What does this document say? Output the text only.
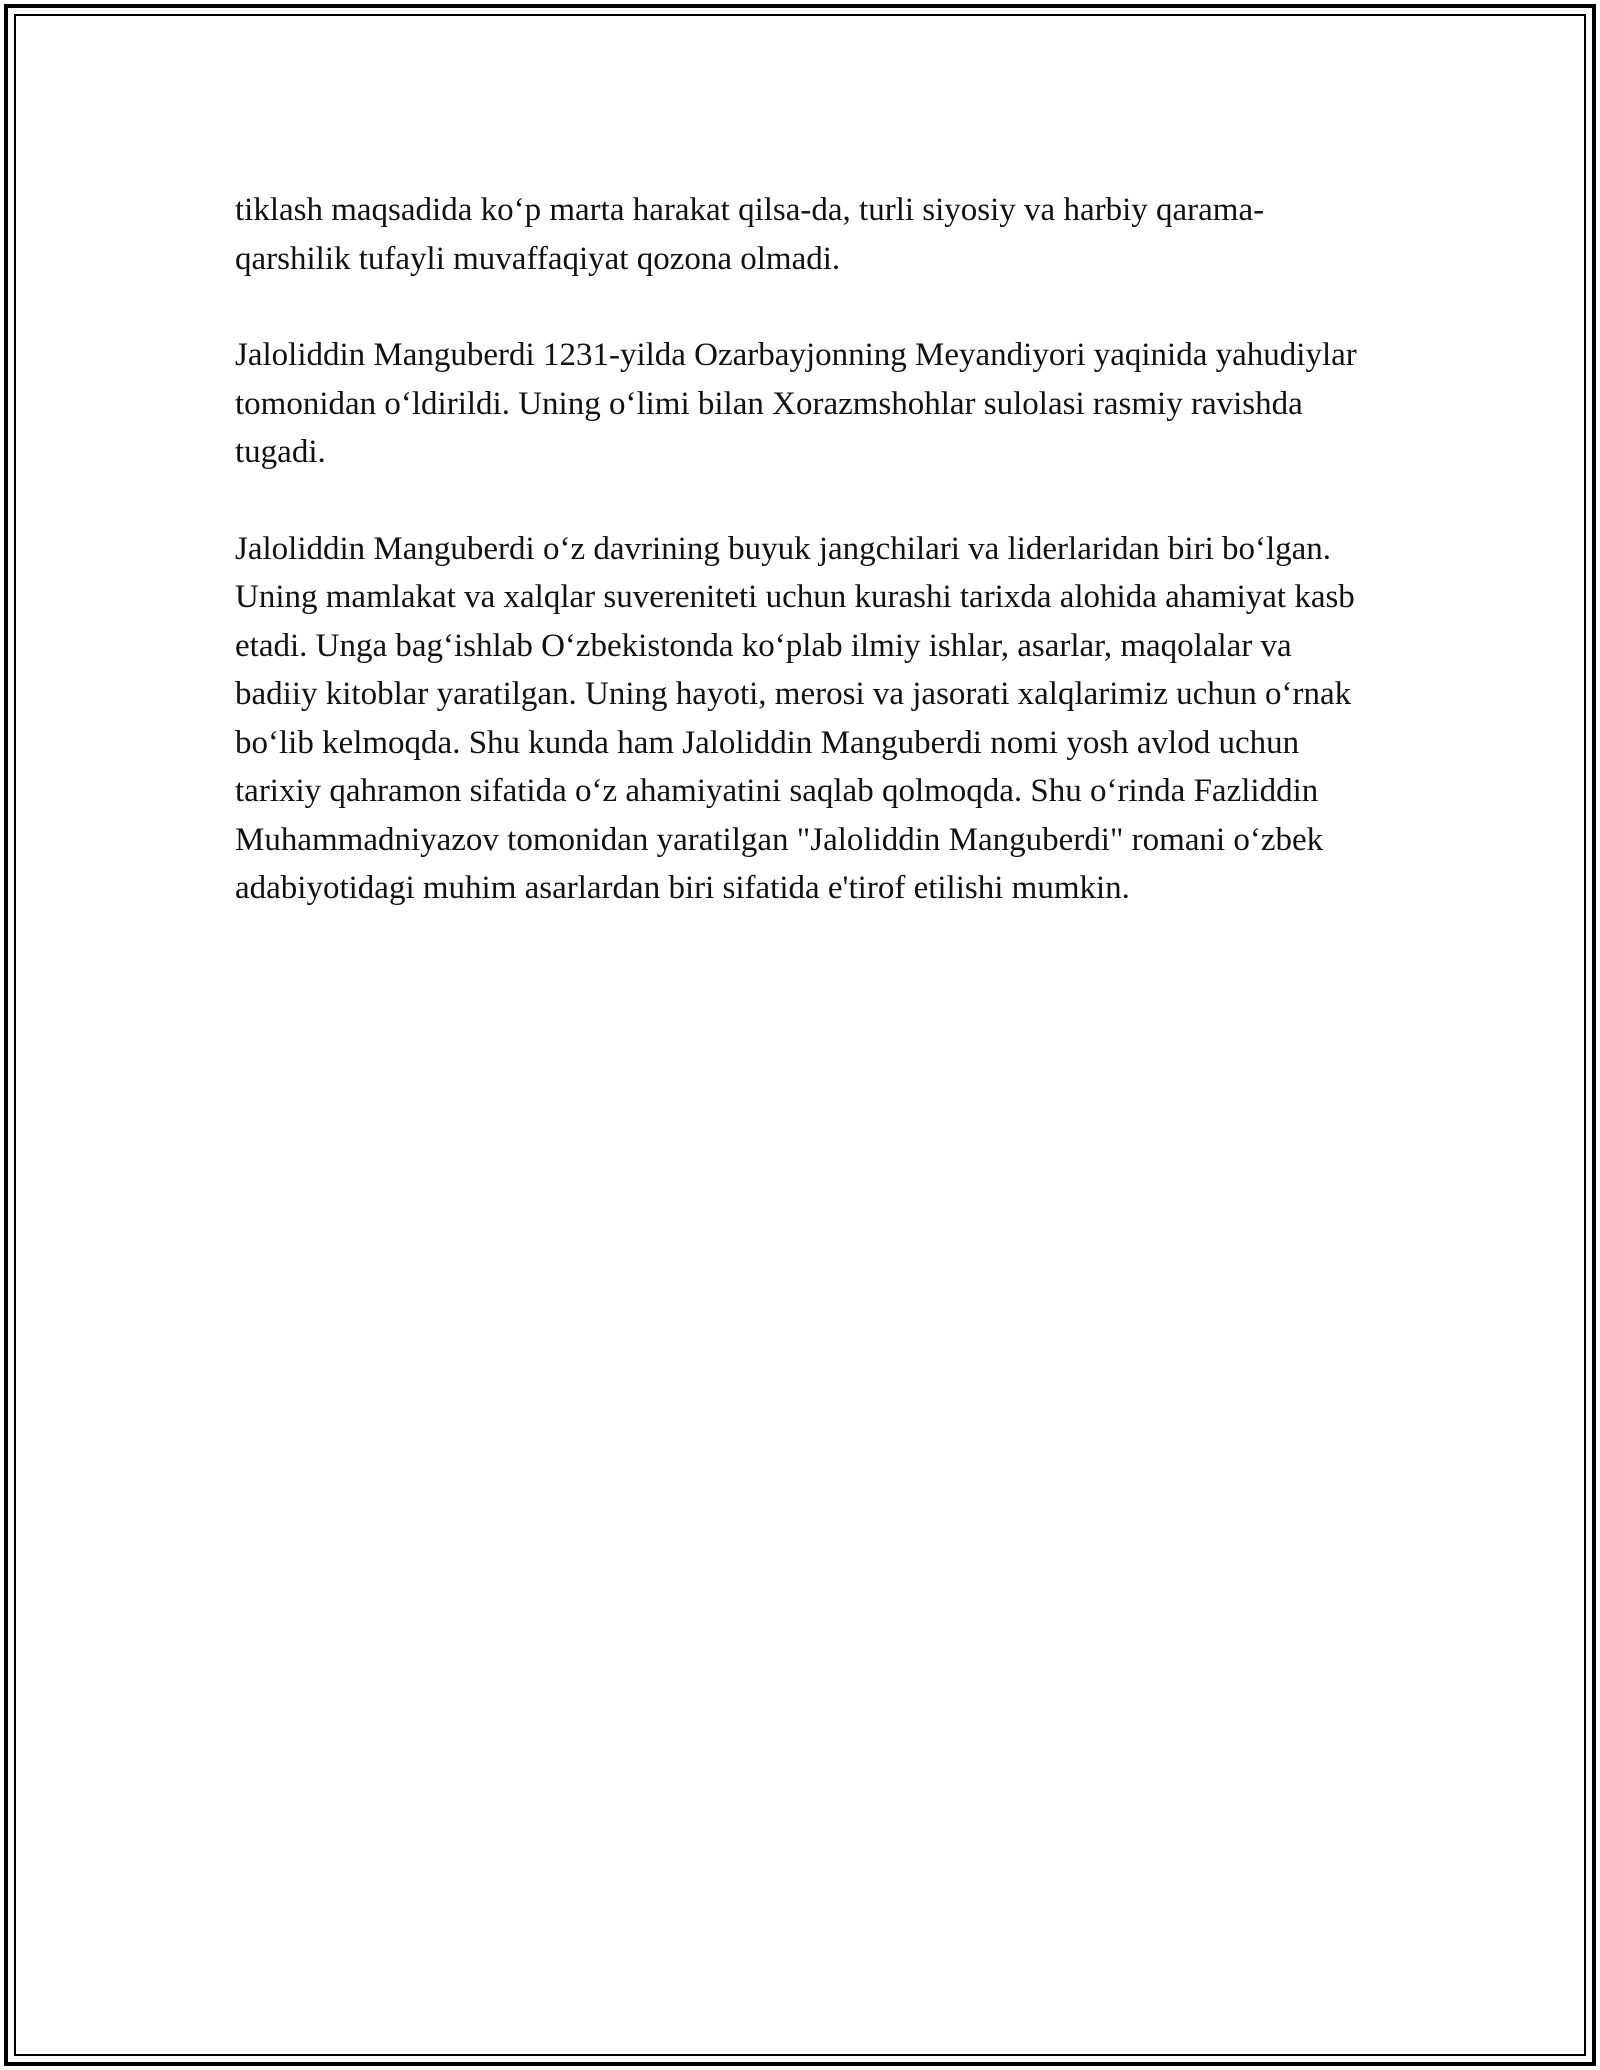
tiklash maqsadida ko‘p marta harakat qilsa-da, turli siyosiy va harbiy qarama-qarshilik tufayli muvaffaqiyat qozona olmadi.

Jaloliddin Manguberdi 1231-yilda Ozarbayjonning Meyandiyori yaqinida yahudiylar tomonidan o‘ldirildi. Uning o‘limi bilan Xorazmshohlar sulolasi rasmiy ravishda tugadi.

Jaloliddin Manguberdi o‘z davrining buyuk jangchilari va liderlaridan biri bo‘lgan. Uning mamlakat va xalqlar suvereniteti uchun kurashi tarixda alohida ahamiyat kasb etadi. Unga bag‘ishlab O‘zbekistonda ko‘plab ilmiy ishlar, asarlar, maqolalar va badiiy kitoblar yaratilgan. Uning hayoti, merosi va jasorati xalqlarimiz uchun o‘rnak bo‘lib kelmoqda. Shu kunda ham Jaloliddin Manguberdi nomi yosh avlod uchun tarixiy qahramon sifatida o‘z ahamiyatini saqlab qolmoqda. Shu o‘rinda Fazliddin Muhammadniyazov tomonidan yaratilgan "Jaloliddin Manguberdi" romani o‘zbek adabiyotidagi muhim asarlardan biri sifatida e'tirof etilishi mumkin.
